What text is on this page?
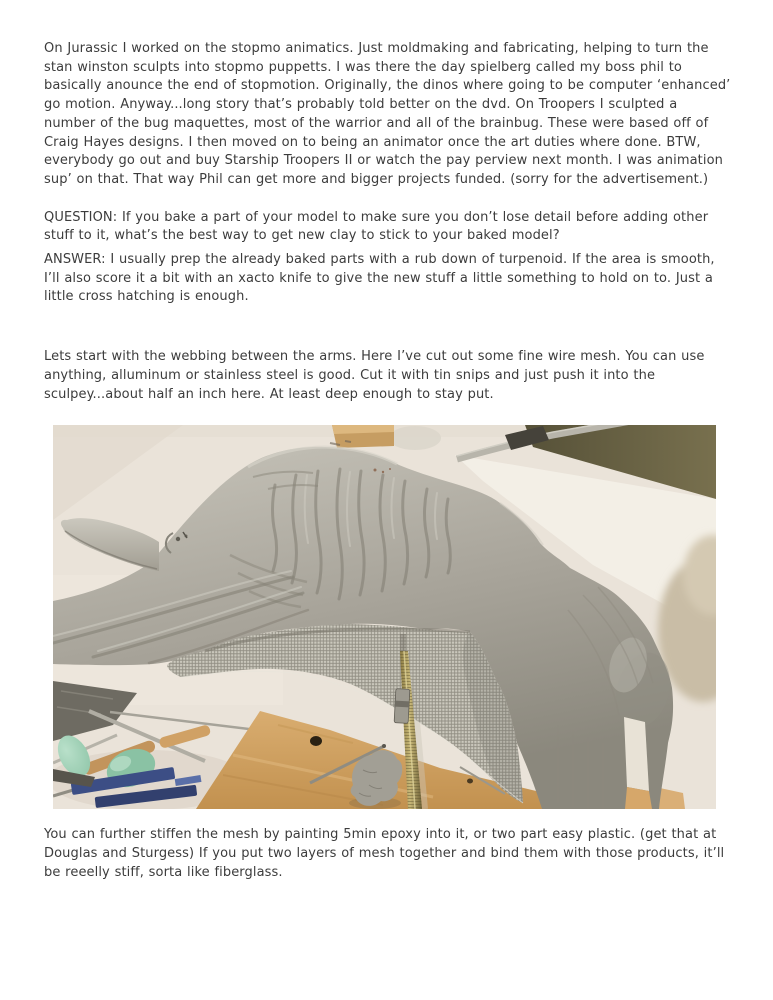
On Jurassic I worked on the stopmo animatics. Just moldmaking and fabricating, helping to turn the stan winston sculpts into stopmo puppetts. I was there the day spielberg called my boss phil to basically anounce the end of stopmotion. Originally, the dinos where going to be computer ‘enhanced’ go motion. Anyway...long story that’s probably told better on the dvd. On Troopers I sculpted a number of the bug maquettes, most of the warrior and all of the brainbug. These were based off of Craig Hayes designs. I then moved on to being an animator once the art duties where done. BTW, everybody go out and buy Starship Troopers II or watch the pay perview next month. I was animation sup’ on that. That way Phil can get more and bigger projects funded. (sorry for the advertisement.)

QUESTION: If you bake a part of your model to make sure you don’t lose detail before adding other stuff to it, what’s the best way to get new clay to stick to your baked model?

ANSWER: I usually prep the already baked parts with a rub down of turpenoid. If the area is smooth, I’ll also score it a bit with an xacto knife to give the new stuff a little something to hold on to. Just a little cross hatching is enough.

Lets start with the webbing between the arms. Here I’ve cut out some fine wire mesh. You can use anything, alluminum or stainless steel is good. Cut it with tin snips and just push it into the sculpey...about half an inch here. At least deep enough to stay put.

You can further stiffen the mesh by painting 5min epoxy into it, or two part easy plastic. (get that at Douglas and Sturgess) If you put two layers of mesh together and bind them with those products, it’ll be reeelly stiff, sorta like fiberglass.
